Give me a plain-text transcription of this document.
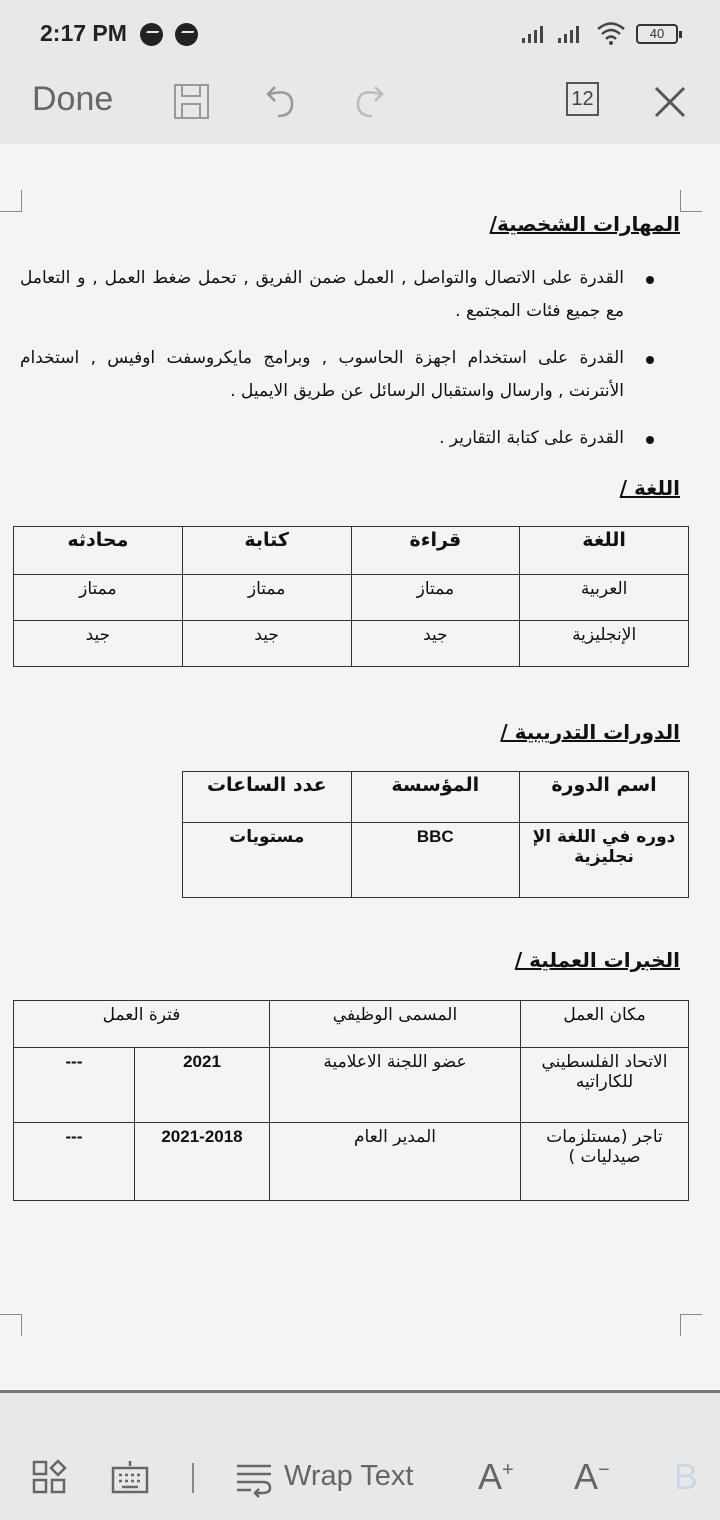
2:17 PM	40
Done	12
المهارات الشخصية/
القدرة على الاتصال والتواصل , العمل ضمن الفريق , تحمل ضغط العمل , و التعامل مع جميع فئات المجتمع .
القدرة على استخدام اجهزة الحاسوب , وبرامج مايكروسفت اوفيس , استخدام الأنترنت , وارسال واستقبال الرسائل عن طريق الايميل .
القدرة على كتابة التقارير .
اللغة /
اللغة	قراءة	كتابة	محادثه
العربية	ممتاز	ممتاز	ممتاز
الإنجليزية	جيد	جيد	جيد
الدورات التدريبية /
اسم الدورة	المؤسسة	عدد الساعات
دوره في اللغة الإ نجليزية	BBC	مستويات
الخبرات العملية /
مكان العمل	المسمى الوظيفي	فترة العمل	
الاتحاد الفلسطيني للكاراتيه	عضو اللجنة الاعلامية	2021	---
تاجر (مستلزمات صيدليات )	المدير العام	2021-2018	---
Wrap Text A+ A− B
